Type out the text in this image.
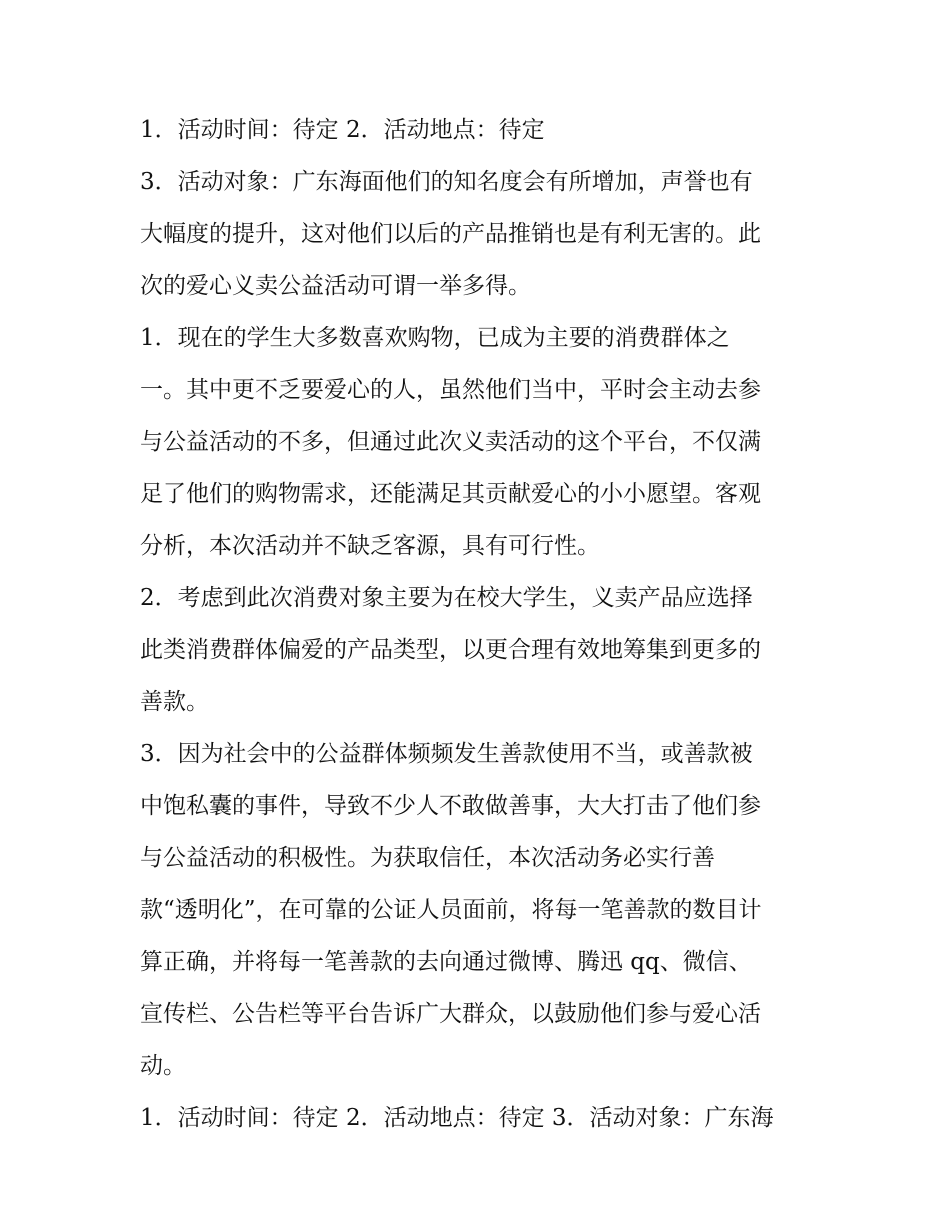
1．活动时间：待定 2．活动地点：待定
3．活动对象：广东海面他们的知名度会有所增加，声誉也有
大幅度的提升，这对他们以后的产品推销也是有利无害的。此
次的爱心义卖公益活动可谓一举多得。
1．现在的学生大多数喜欢购物，已成为主要的消费群体之
一。其中更不乏要爱心的人，虽然他们当中，平时会主动去参
与公益活动的不多，但通过此次义卖活动的这个平台，不仅满
足了他们的购物需求，还能满足其贡献爱心的小小愿望。客观
分析，本次活动并不缺乏客源，具有可行性。
2．考虑到此次消费对象主要为在校大学生，义卖产品应选择
此类消费群体偏爱的产品类型，以更合理有效地筹集到更多的
善款。
3．因为社会中的公益群体频频发生善款使用不当，或善款被
中饱私囊的事件，导致不少人不敢做善事，大大打击了他们参
与公益活动的积极性。为获取信任，本次活动务必实行善
款“透明化”，在可靠的公证人员面前，将每一笔善款的数目计
算正确，并将每一笔善款的去向通过微博、腾迅 qq、微信、
宣传栏、公告栏等平台告诉广大群众，以鼓励他们参与爱心活
动。
1．活动时间：待定 2．活动地点：待定 3．活动对象：广东海
